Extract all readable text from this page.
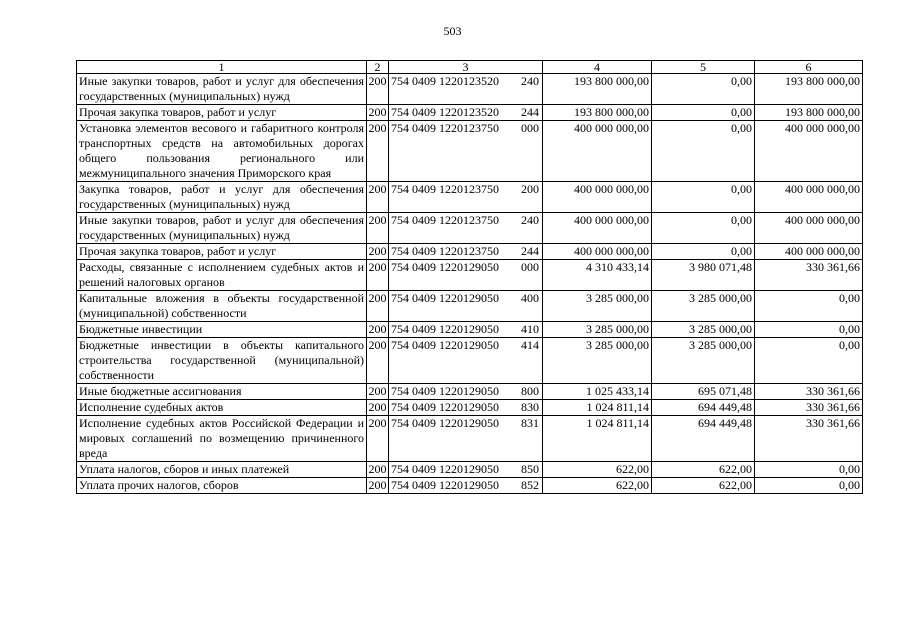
503
1	2	3	4	5	6
Иные закупки товаров, работ и услуг для обеспечения государственных (муниципальных) нужд	200	754 0409 1220123520 240	193 800 000,00	0,00	193 800 000,00
Прочая закупка товаров, работ и услуг	200	754 0409 1220123520 244	193 800 000,00	0,00	193 800 000,00
Установка элементов весового и габаритного контроля транспортных средств на автомобильных дорогах общего пользования региональнoго или межмуниципального значения Приморского края	200	754 0409 1220123750 000	400 000 000,00	0,00	400 000 000,00
Закупка товаров, работ и услуг для обеспечения государственных (муниципальных) нужд	200	754 0409 1220123750 200	400 000 000,00	0,00	400 000 000,00
Иные закупки товаров, работ и услуг для обеспечения государственных (муниципальных) нужд	200	754 0409 1220123750 240	400 000 000,00	0,00	400 000 000,00
Прочая закупка товаров, работ и услуг	200	754 0409 1220123750 244	400 000 000,00	0,00	400 000 000,00
Расходы, связанные с исполнением судебных актов и решений налоговых органов	200	754 0409 1220129050 000	4 310 433,14	3 980 071,48	330 361,66
Капитальные вложения в объекты государственной (муниципальной) собственности	200	754 0409 1220129050 400	3 285 000,00	3 285 000,00	0,00
Бюджетные инвестиции	200	754 0409 1220129050 410	3 285 000,00	3 285 000,00	0,00
Бюджетные инвестиции в объекты капитального строительства государственной (муниципальной) собственности	200	754 0409 1220129050 414	3 285 000,00	3 285 000,00	0,00
Иные бюджетные ассигнования	200	754 0409 1220129050 800	1 025 433,14	695 071,48	330 361,66
Исполнение судебных актов	200	754 0409 1220129050 830	1 024 811,14	694 449,48	330 361,66
Исполнение судебных актов Российской Федерации и мировых соглашений по возмещению причиненного вреда	200	754 0409 1220129050 831	1 024 811,14	694 449,48	330 361,66
Уплата налогов, сборов и иных платежей	200	754 0409 1220129050 850	622,00	622,00	0,00
Уплата прочих налогов, сборов	200	754 0409 1220129050 852	622,00	622,00	0,00
